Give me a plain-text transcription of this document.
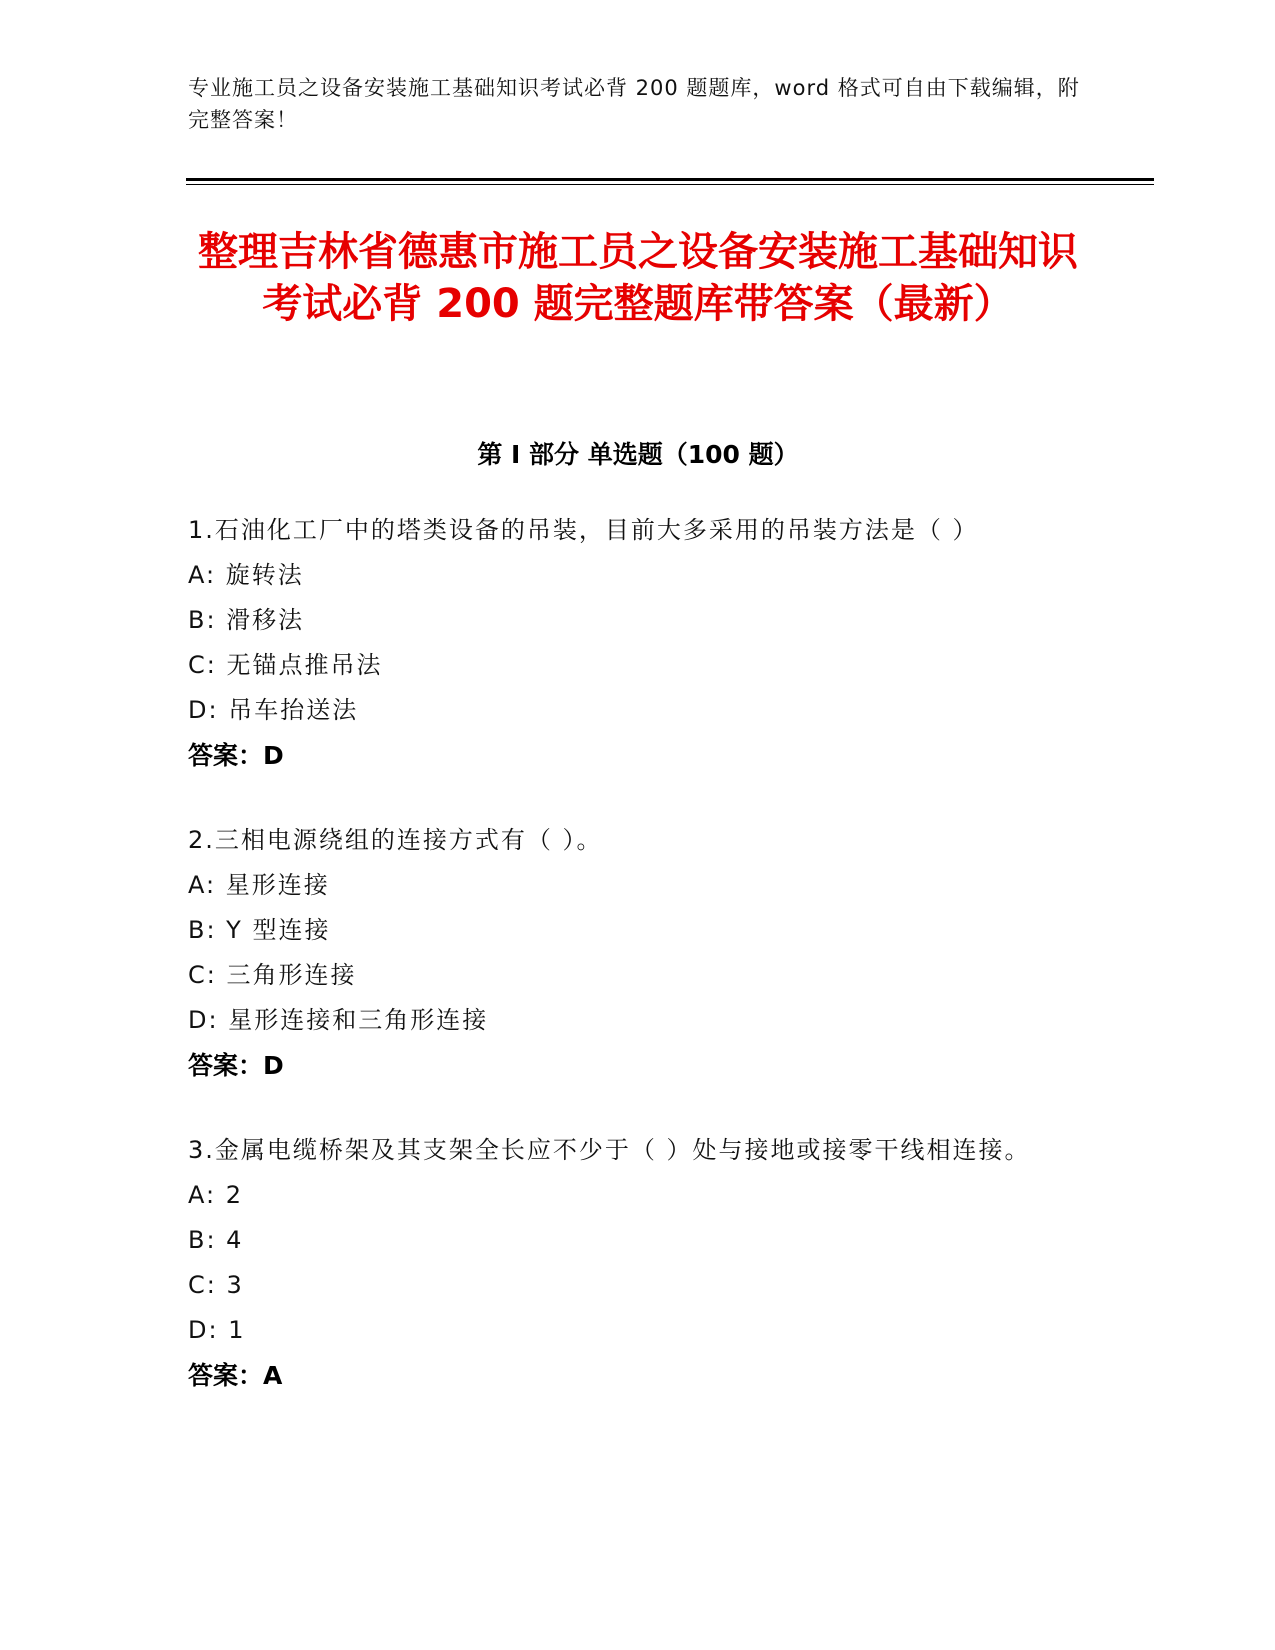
专业施工员之设备安装施工基础知识考试必背 200 题题库，word 格式可自由下载编辑，附完整答案！
整理吉林省德惠市施工员之设备安装施工基础知识考试必背 200 题完整题库带答案（最新）
第 I 部分 单选题（100 题）
1.石油化工厂中的塔类设备的吊装，目前大多采用的吊装方法是（ ）
A: 旋转法
B: 滑移法
C: 无锚点推吊法
D: 吊车抬送法
答案：D
2.三相电源绕组的连接方式有（ ）。
A: 星形连接
B: Y 型连接
C: 三角形连接
D: 星形连接和三角形连接
答案：D
3.金属电缆桥架及其支架全长应不少于（ ）处与接地或接零干线相连接。
A: 2
B: 4
C: 3
D: 1
答案：A
